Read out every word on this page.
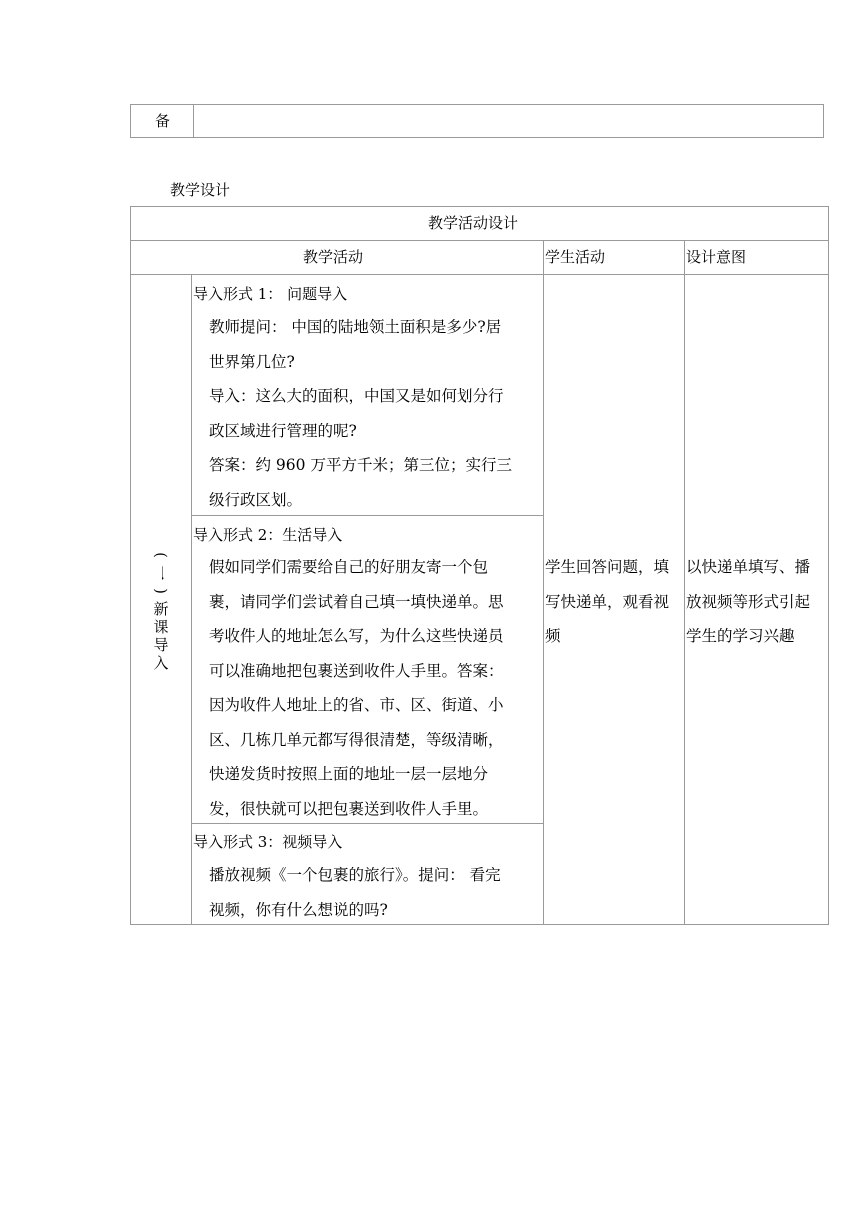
备
教学设计
教学活动设计
教学活动	学生活动	设计意图
(
一
)
新
课
导
入
导入形式 1： 问题导入
教师提问： 中国的陆地领土面积是多少?居
世界第几位?
导入：这么大的面积，中国又是如何划分行
政区域进行管理的呢?
答案：约 960 万平方千米；第三位；实行三
级行政区划。
导入形式 2：生活导入
假如同学们需要给自己的好朋友寄一个包
裹，请同学们尝试着自己填一填快递单。思
考收件人的地址怎么写，为什么这些快递员
可以准确地把包裹送到收件人手里。答案：
因为收件人地址上的省、市、区、街道、小
区、几栋几单元都写得很清楚，等级清晰，
快递发货时按照上面的地址一层一层地分
发，很快就可以把包裹送到收件人手里。
导入形式 3：视频导入
播放视频《一个包裹的旅行》。提问： 看完
视频，你有什么想说的吗?
学生回答问题，填
写快递单，观看视
频
以快递单填写、播
放视频等形式引起
学生的学习兴趣
